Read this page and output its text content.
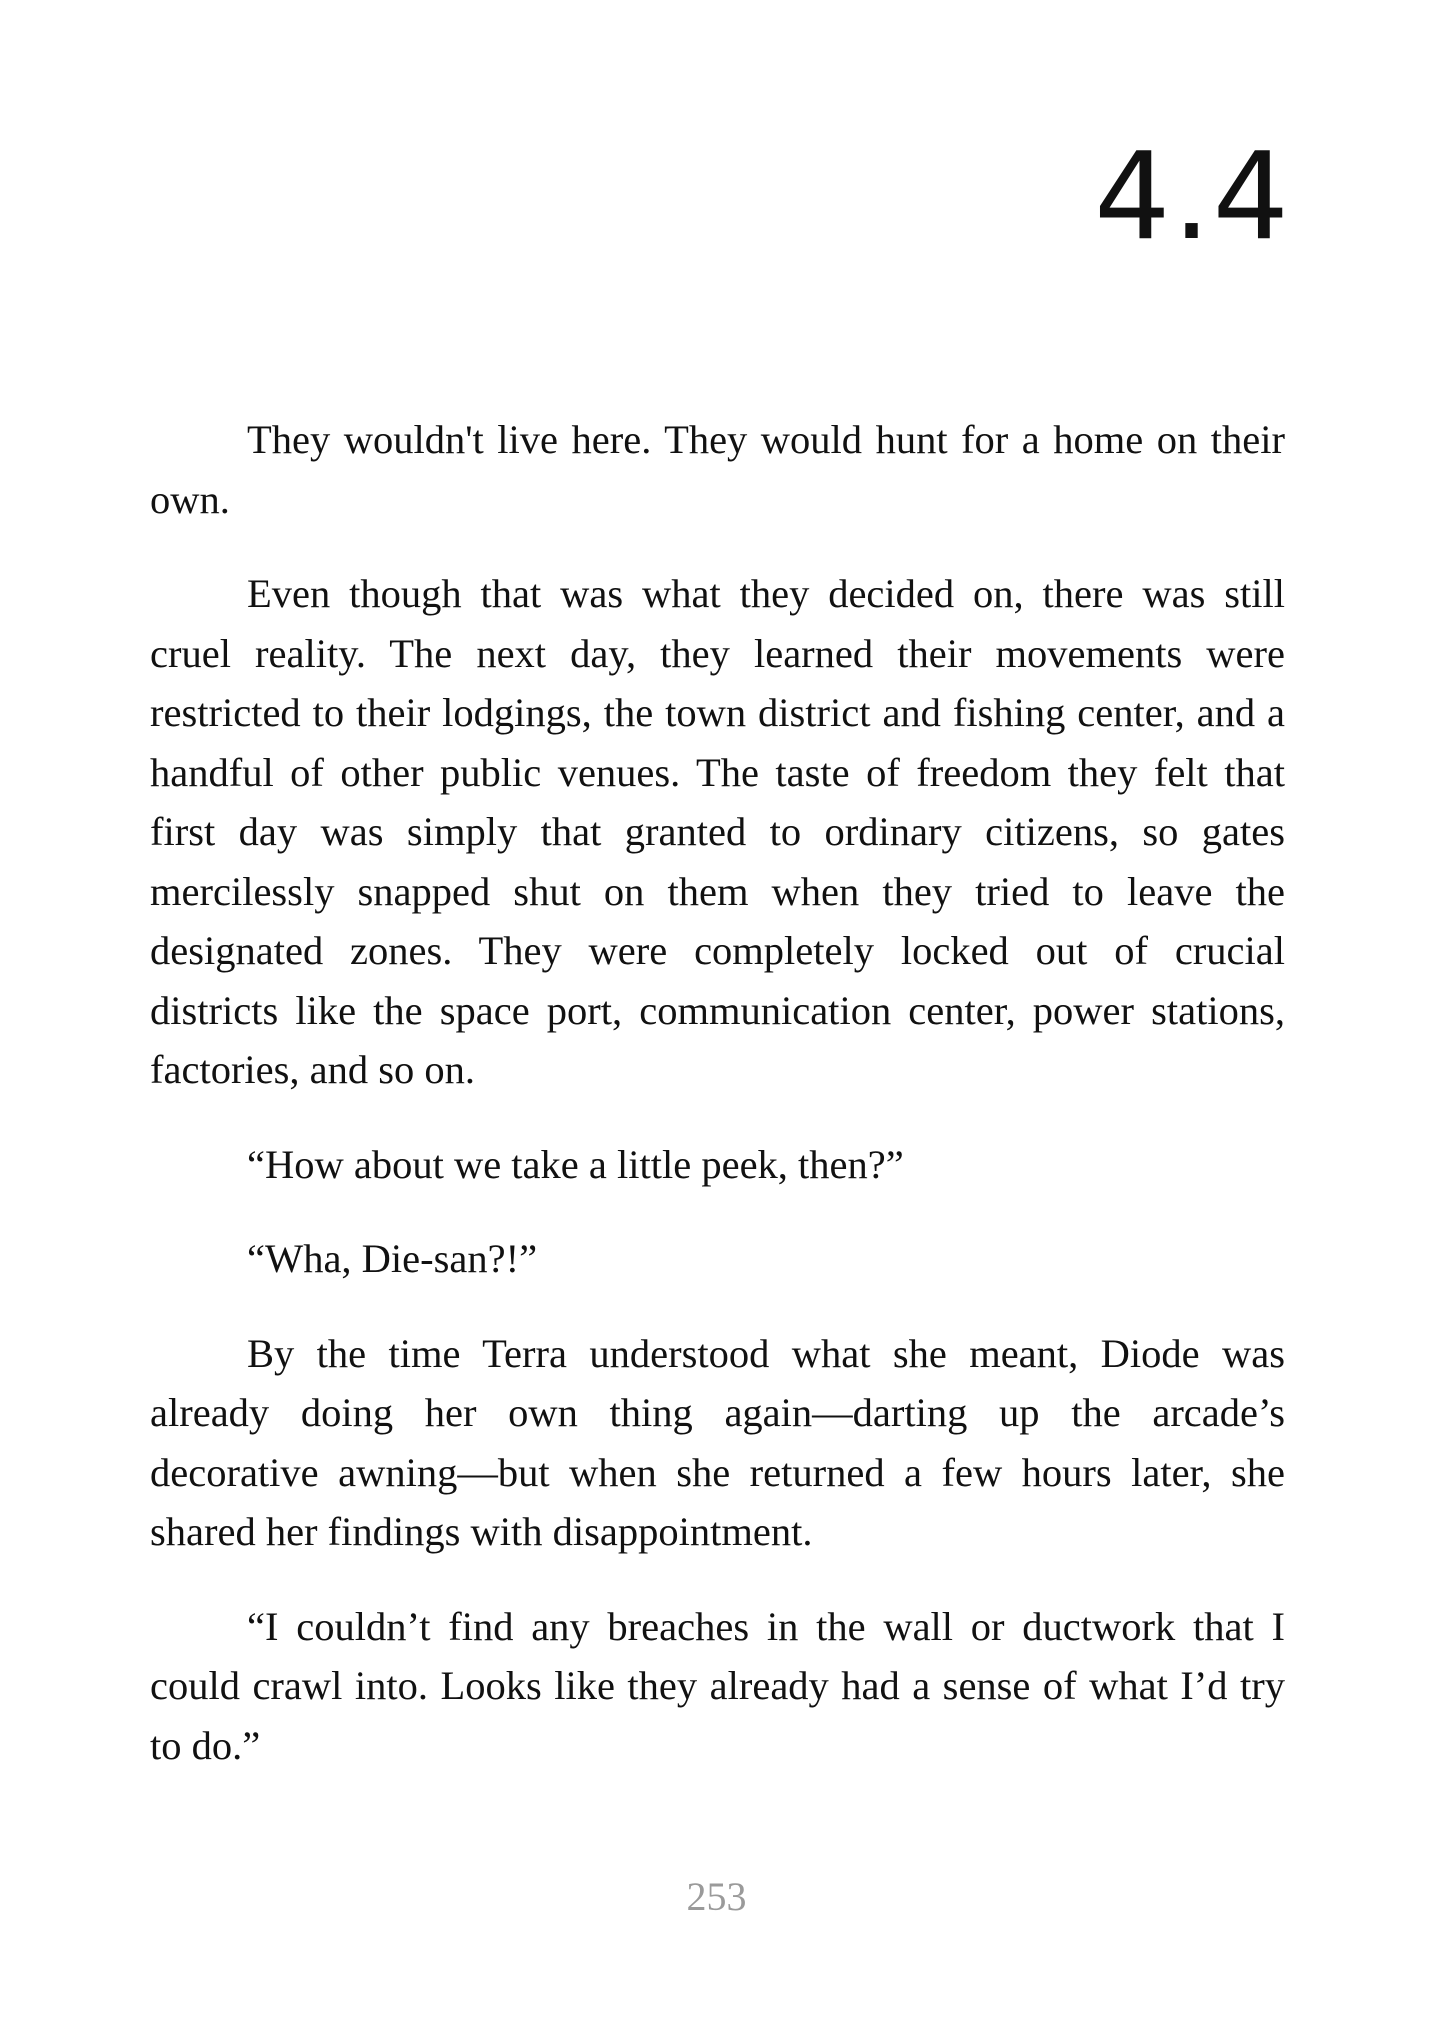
4.4

They wouldn't live here. They would hunt for a home on their own.

Even though that was what they decided on, there was still cruel reality. The next day, they learned their movements were restricted to their lodgings, the town district and fishing center, and a handful of other public venues. The taste of freedom they felt that first day was simply that granted to ordinary citizens, so gates mercilessly snapped shut on them when they tried to leave the designated zones. They were completely locked out of crucial districts like the space port, communication center, power stations, factories, and so on.

“How about we take a little peek, then?”

“Wha, Die-san?!”

By the time Terra understood what she meant, Diode was already doing her own thing again—darting up the arcade’s decorative awning—but when she returned a few hours later, she shared her findings with disappointment.

“I couldn’t find any breaches in the wall or ductwork that I could crawl into. Looks like they already had a sense of what I’d try to do.”

253
